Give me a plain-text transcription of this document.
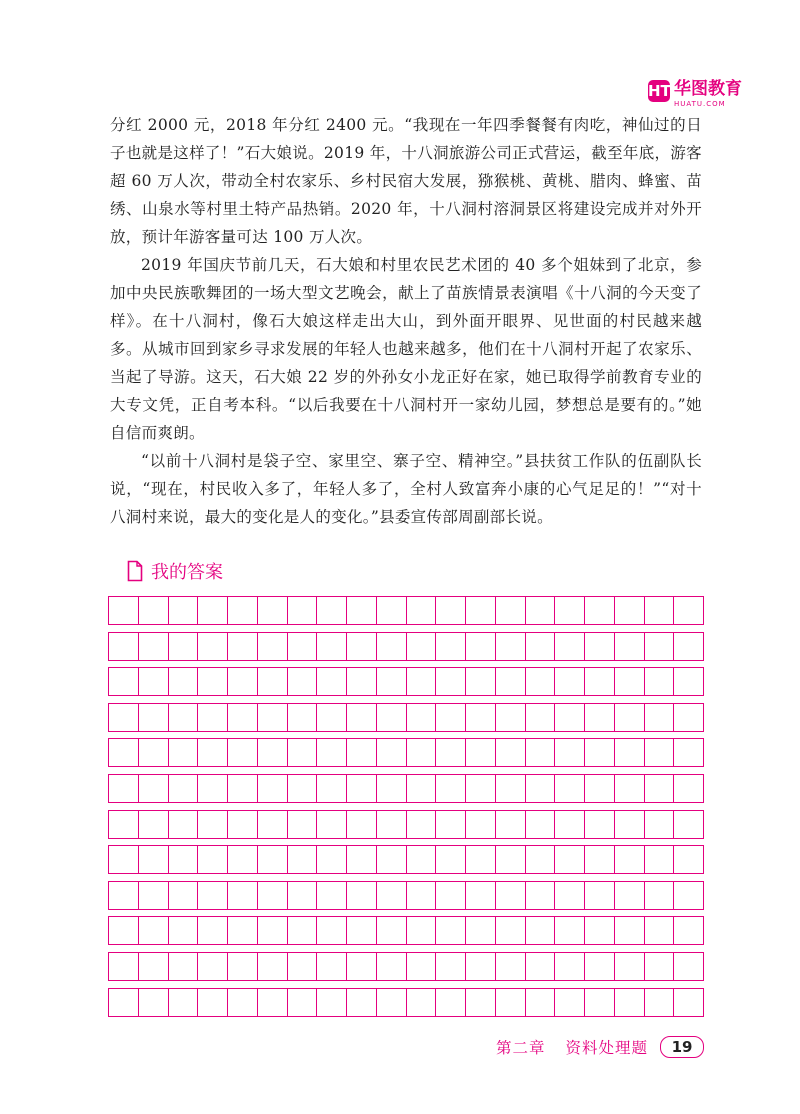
HT 华图教育
HUATU.COM

分红 2000 元，2018 年分红 2400 元。“我现在一年四季餐餐有肉吃，神仙过的日子也就是这样了！”石大娘说。2019 年，十八洞旅游公司正式营运，截至年底，游客超 60 万人次，带动全村农家乐、乡村民宿大发展，猕猴桃、黄桃、腊肉、蜂蜜、苗绣、山泉水等村里土特产品热销。2020 年，十八洞村溶洞景区将建设完成并对外开放，预计年游客量可达 100 万人次。

2019 年国庆节前几天，石大娘和村里农民艺术团的 40 多个姐妹到了北京，参加中央民族歌舞团的一场大型文艺晚会，献上了苗族情景表演唱《十八洞的今天变了样》。在十八洞村，像石大娘这样走出大山，到外面开眼界、见世面的村民越来越多。从城市回到家乡寻求发展的年轻人也越来越多，他们在十八洞村开起了农家乐、当起了导游。这天，石大娘 22 岁的外孙女小龙正好在家，她已取得学前教育专业的大专文凭，正自考本科。“以后我要在十八洞村开一家幼儿园，梦想总是要有的。”她自信而爽朗。

“以前十八洞村是袋子空、家里空、寨子空、精神空。”县扶贫工作队的伍副队长说，“现在，村民收入多了，年轻人多了，全村人致富奔小康的心气足足的！”“对十八洞村来说，最大的变化是人的变化。”县委宣传部周副部长说。

我的答案
第二章 资料处理题	19
